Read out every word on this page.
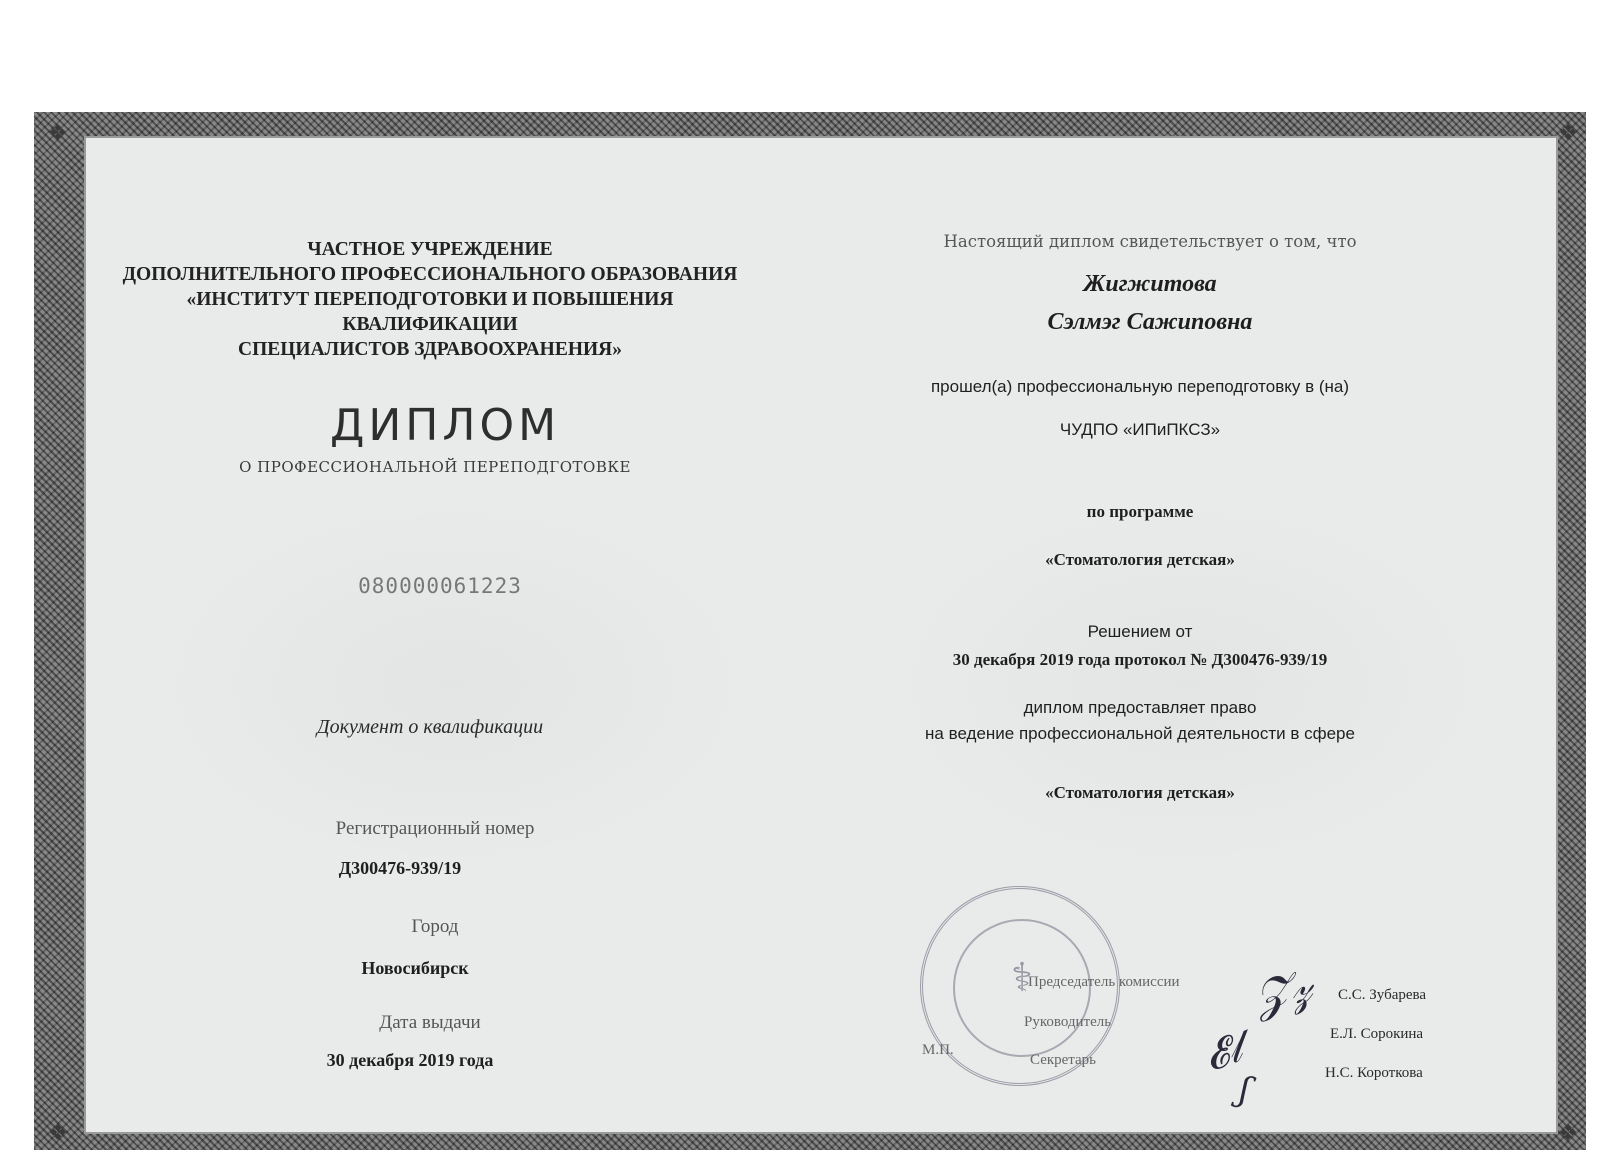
❖	❖
❖	❖
ЧАСТНОЕ УЧРЕЖДЕНИЕ
ДОПОЛНИТЕЛЬНОГО ПРОФЕССИОНАЛЬНОГО ОБРАЗОВАНИЯ
«ИНСТИТУТ ПЕРЕПОДГОТОВКИ И ПОВЫШЕНИЯ
КВАЛИФИКАЦИИ
СПЕЦИАЛИСТОВ ЗДРАВООХРАНЕНИЯ»
ДИПЛОМ
О ПРОФЕССИОНАЛЬНОЙ ПЕРЕПОДГОТОВКЕ
080000061223
Документ о квалификации
Регистрационный номер
Д300476-939/19
Город
Новосибирск
Дата выдачи
30 декабря 2019 года
Настоящий диплом свидетельствует о том, что
Жигжитова
Сэлмэг Сажиповна
прошел(а) профессиональную переподготовку в (на)
ЧУДПО «ИПиПКСЗ»
по программе
«Стоматология детская»
Решением от
30 декабря 2019 года протокол № Д300476-939/19
диплом предоставляет право
на ведение профессиональной деятельности в сфере
«Стоматология детская»
⚕
Председатель комиссии
Руководитель
Секретарь
М.П.
𝒵𝓏
𝓔𝓁
ʃ
С.С. Зубарева
Е.Л. Сорокина
Н.С. Короткова
